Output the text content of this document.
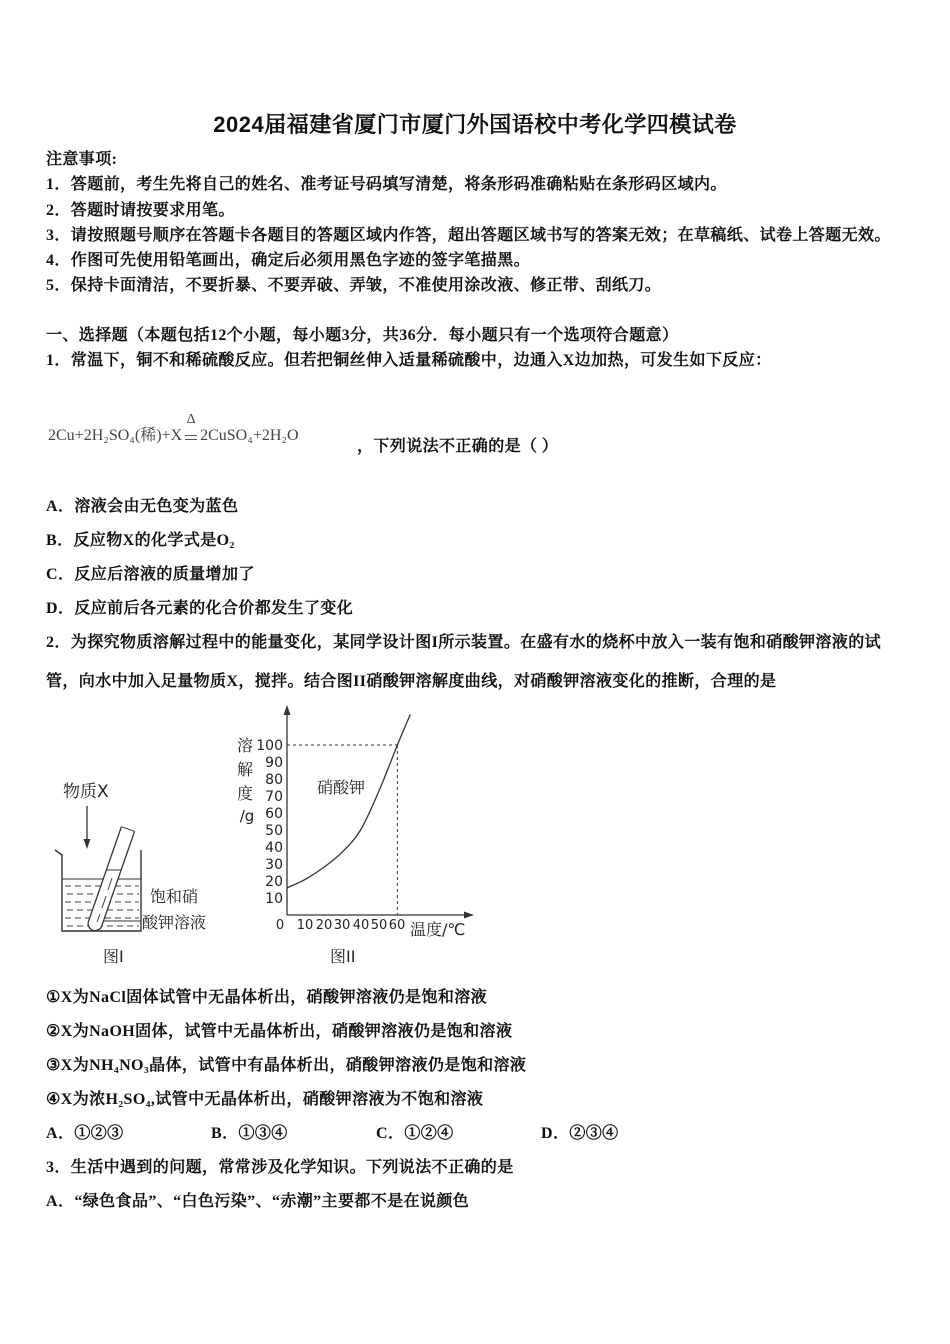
2024届福建省厦门市厦门外国语校中考化学四模试卷
注意事项:
1．答题前，考生先将自己的姓名、准考证号码填写清楚，将条形码准确粘贴在条形码区域内。
2．答题时请按要求用笔。
3．请按照题号顺序在答题卡各题目的答题区域内作答，超出答题区域书写的答案无效；在草稿纸、试卷上答题无效。
4．作图可先使用铅笔画出，确定后必须用黑色字迹的签字笔描黑。
5．保持卡面清洁，不要折暴、不要弄破、弄皱，不准使用涂改液、修正带、刮纸刀。
一、选择题（本题包括12个小题，每小题3分，共36分．每小题只有一个选项符合题意）
1．常温下，铜不和稀硫酸反应。但若把铜丝伸入适量稀硫酸中，边通入X边加热，可发生如下反应：
2Cu+2H₂SO₄(稀)+X
Δ
2CuSO₄+2H₂O
，下列说法不正确的是（ ）
A．溶液会由无色变为蓝色
B．反应物X的化学式是O₂
C．反应后溶液的质量增加了
D．反应前后各元素的化合价都发生了变化
2．为探究物质溶解过程中的能量变化，某同学设计图I所示装置。在盛有水的烧杯中放入一装有饱和硝酸钾溶液的试
管，向水中加入足量物质X，搅拌。结合图II硝酸钾溶解度曲线，对硝酸钾溶液变化的推断，合理的是
物质X
饱和硝
酸钾溶液
图I
溶
解
度
/g
100
90
80
70
60
50
40
30
20
10
0 10 20 30 40 50 60 温度/℃
硝酸钾
图II
①X为NaCl固体试管中无晶体析出，硝酸钾溶液仍是饱和溶液
②X为NaOH固体，试管中无晶体析出，硝酸钾溶液仍是饱和溶液
③X为NH₄NO₃晶体，试管中有晶体析出，硝酸钾溶液仍是饱和溶液
④X为浓H₂SO₄,试管中无晶体析出，硝酸钾溶液为不饱和溶液
A．①②③	B．①③④	C．①②④	D．②③④
3．生活中遇到的问题，常常涉及化学知识。下列说法不正确的是
A．“绿色食品”、“白色污染”、“赤潮”主要都不是在说颜色
